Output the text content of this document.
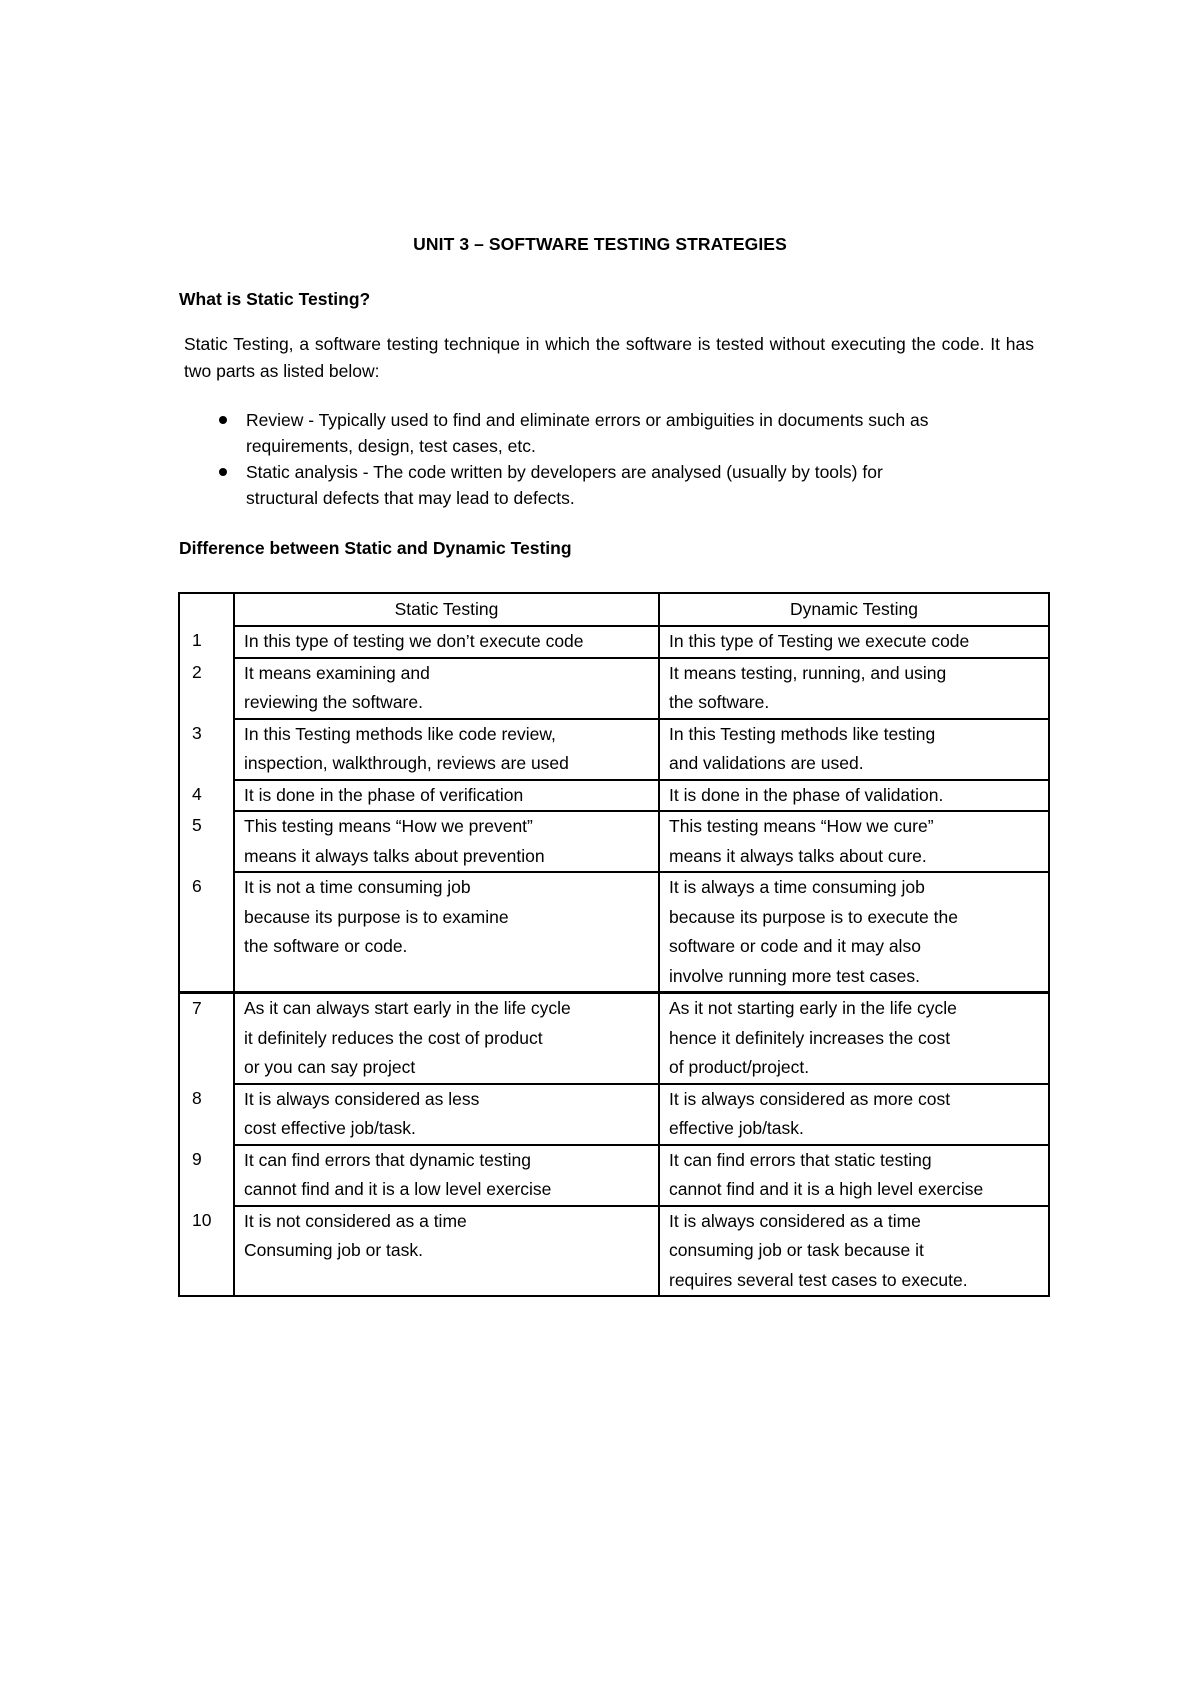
UNIT 3 – SOFTWARE TESTING STRATEGIES
What is Static Testing?
Static Testing, a software testing technique in which the software is tested without executing the code. It has two parts as listed below:
Review - Typically used to find and eliminate errors or ambiguities in documents such as
requirements, design, test cases, etc.
Static analysis - The code written by developers are analysed (usually by tools) for
structural defects that may lead to defects.
Difference between Static and Dynamic Testing
	Static Testing	Dynamic Testing
1	In this type of testing we don’t execute code	In this type of Testing we execute code

2	It means examining and
reviewing the software.	It means testing, running, and using
the software.

3	In this Testing methods like code review,
inspection, walkthrough, reviews are used	In this Testing methods like testing
and validations are used.

4	It is done in the phase of verification	It is done in the phase of validation.

5	This testing means “How we prevent”
means it always talks about prevention	This testing means “How we cure”
means it always talks about cure.

6	It is not a time consuming job
because its purpose is to examine
the software or code.	It is always a time consuming job
because its purpose is to execute the
software or code and it may also
involve running more test cases.

7	As it can always start early in the life cycle
it definitely reduces the cost of product
or you can say project	As it not starting early in the life cycle
hence it definitely increases the cost
of product/project.

8	It is always considered as less
cost effective job/task.	It is always considered as more cost
effective job/task.

9	It can find errors that dynamic testing
cannot find and it is a low level exercise	It can find errors that static testing
cannot find and it is a high level exercise

10	It is not considered as a time
Consuming job or task.	It is always considered as a time
consuming job or task because it
requires several test cases to execute.
